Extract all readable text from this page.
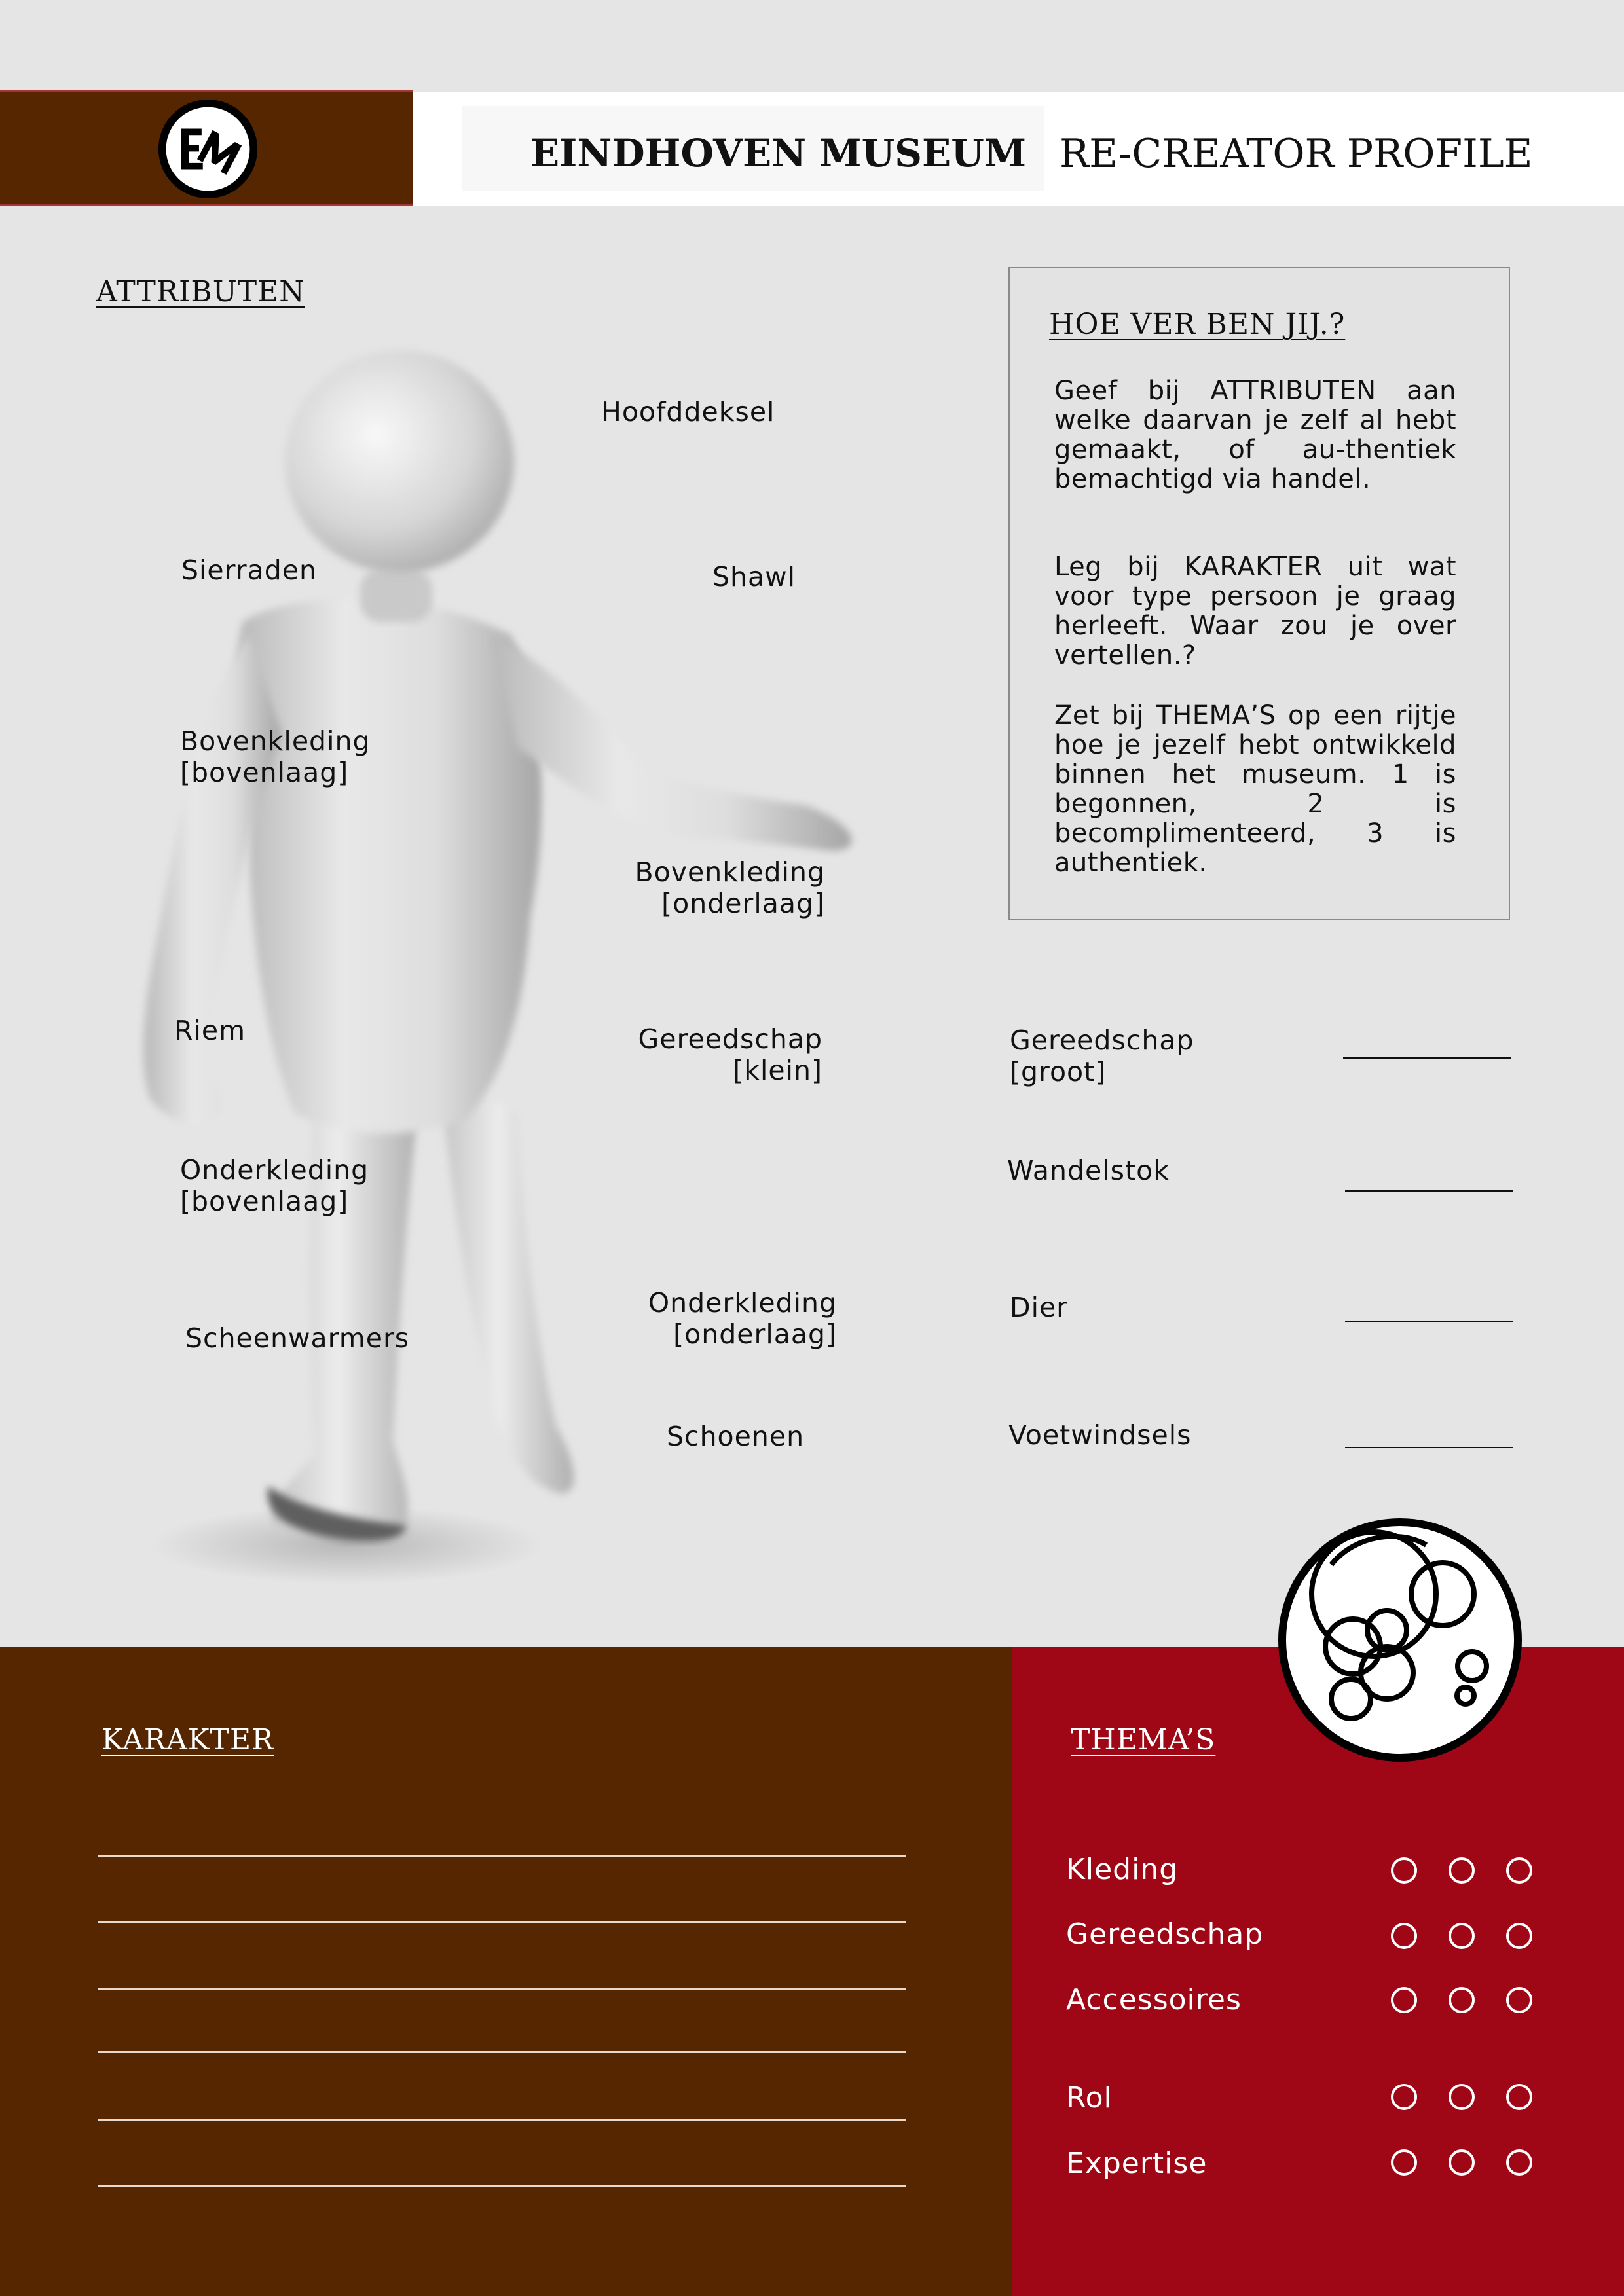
EINDHOVEN MUSEUM RE-CREATOR PROFILE
ATTRIBUTEN
Hoofddeksel
Sierraden	Shawl
Bovenkleding
[bovenlaag]
Bovenkleding
[onderlaag]
Riem	Gereedschap
[klein]
Onderkleding
[bovenlaag]
Onderkleding
[onderlaag]
Scheenwarmers
Schoenen
HOE VER BEN JIJ.?
Geef bij ATTRIBUTEN aan welke daarvan je zelf al hebt gemaakt, of au-thentiek bemachtigd via handel.
Leg bij KARAKTER uit wat voor type persoon je graag herleeft. Waar zou je over vertellen.?
Zet bij THEMA’S op een rijtje hoe je jezelf hebt ontwikkeld binnen het museum. 1 is begonnen, 2 is becomplimenteerd, 3 is authentiek.
Gereedschap
[groot]
Wandelstok
Dier
Voetwindsels
KARAKTER	THEMA’S
Kleding
Gereedschap
Accessoires
Rol
Expertise
